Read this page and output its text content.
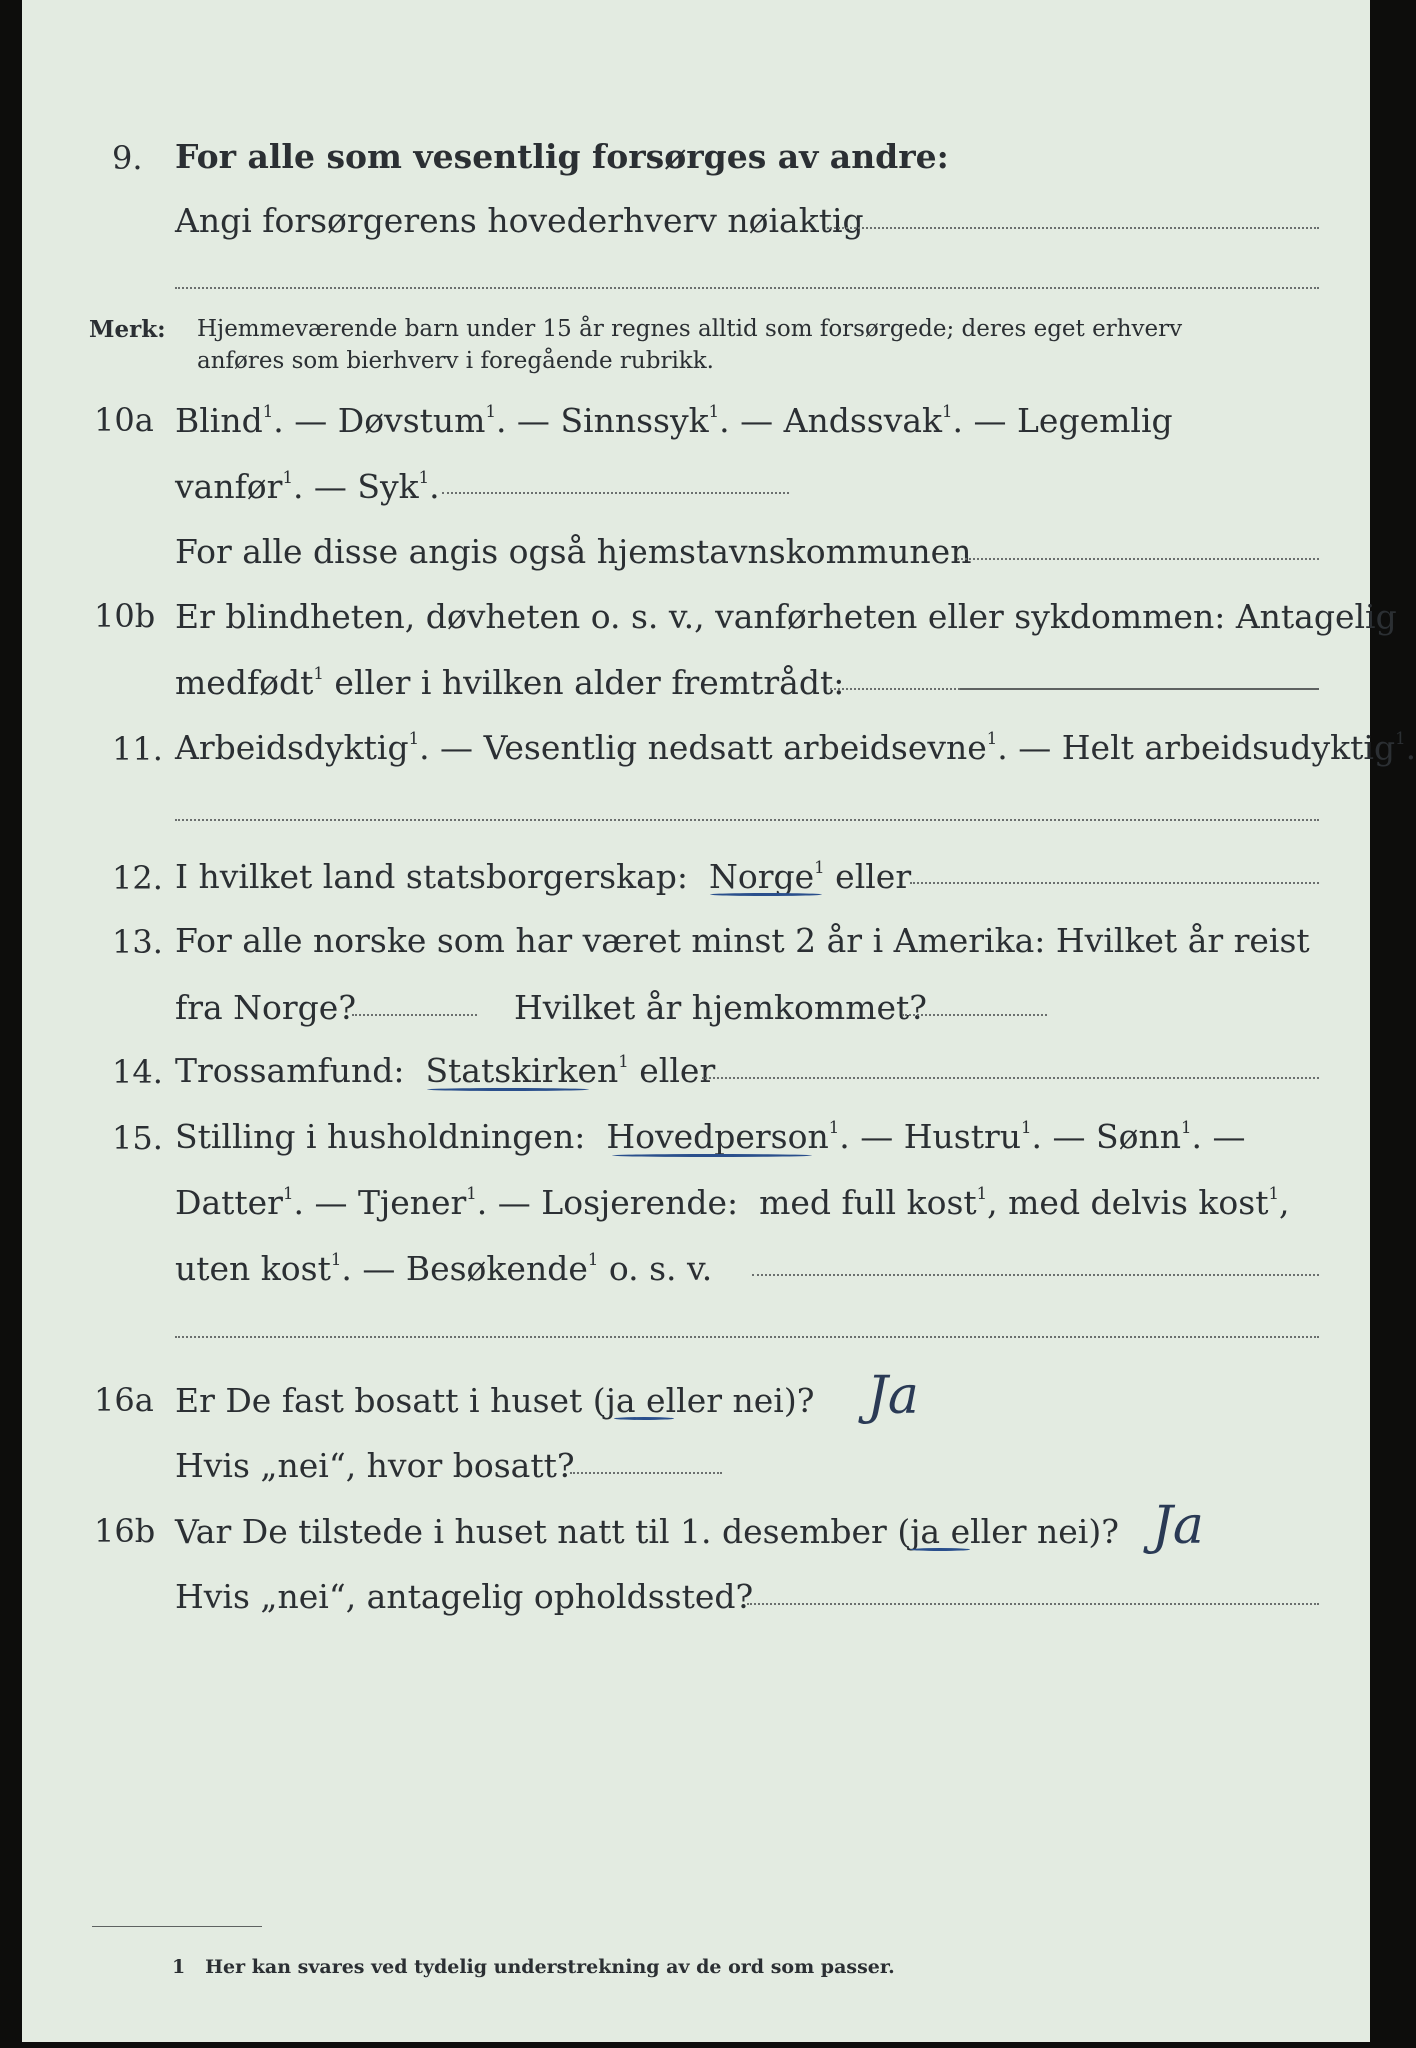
9. For alle som vesentlig forsørges av andre:
Angi forsørgerens hovederhverv nøiaktig
Merk: Hjemmeværende barn under 15 år regnes alltid som forsørgede; deres eget erhverv
anføres som bierhverv i foregående rubrikk.
10a Blind$^1$. — Døvstum$^1$. — Sinnssyk$^1$. — Andssvak$^1$. — Legemlig
vanfør$^1$. — Syk$^1$.
For alle disse angis også hjemstavnskommunen
10b Er blindheten, døvheten o. s. v., vanførheten eller sykdommen: Antagelig
medfødt$^1$ eller i hvilken alder fremtrådt:
11. Arbeidsdyktig$^1$. — Vesentlig nedsatt arbeidsevne$^1$. — Helt arbeidsudyktig$^1$.
12. I hvilket land statsborgerskap: Norge$^1$ eller
13. For alle norske som har været minst 2 år i Amerika: Hvilket år reist
fra Norge?	Hvilket år hjemkommet?
14. Trossamfund: Statskirken$^1$ eller
15. Stilling i husholdningen: Hovedperson$^1$. — Hustru$^1$. — Sønn$^1$. —
Datter$^1$. — Tjener$^1$. — Losjerende: med full kost$^1$, med delvis kost$^1$,
uten kost$^1$. — Besøkende$^1$ o. s. v.
16a Er De fast bosatt i huset (ja eller nei)? Ja
Hvis „nei“, hvor bosatt?
16b Var De tilstede i huset natt til 1. desember (ja eller nei)? Ja
Hvis „nei“, antagelig opholdssted?
1 Her kan svares ved tydelig understrekning av de ord som passer.
